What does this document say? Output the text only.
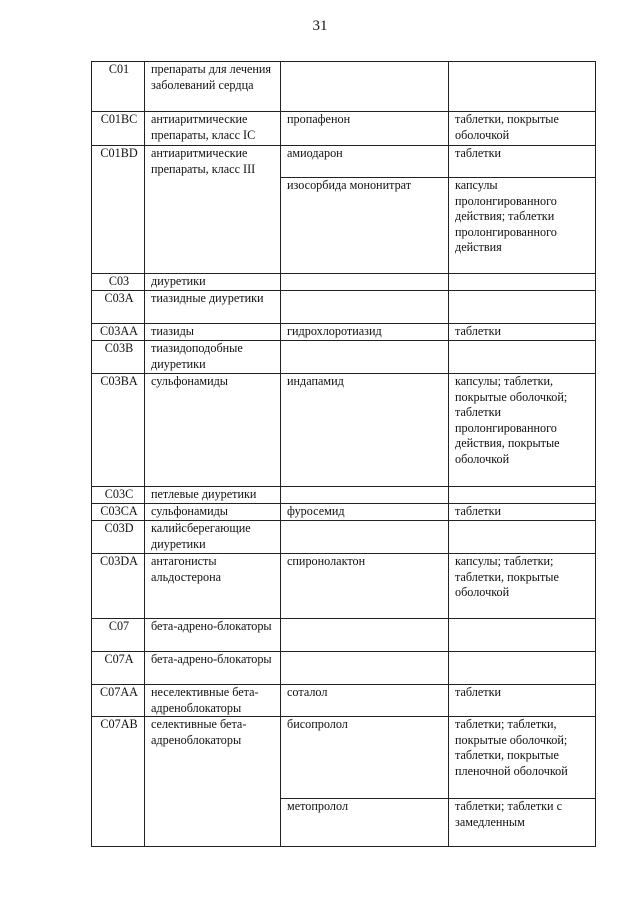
31
C01	препараты для лечения заболеваний сердца		
C01BC	антиаритмические препараты, класс IC	пропафенон	таблетки, покрытые оболочкой
C01BD	антиаритмические препараты, класс III	амиодарон	таблетки
		изосорбида мононитрат	капсулы пролонгированного действия; таблетки пролонгированного действия
C03	диуретики		
C03A	тиазидные диуретики		
C03AA	тиазиды	гидрохлоротиазид	таблетки
C03B	тиазидоподобные диуретики		
C03BA	сульфонамиды	индапамид	капсулы; таблетки, покрытые оболочкой; таблетки пролонгированного действия, покрытые оболочкой
C03C	петлевые диуретики		
C03CA	сульфонамиды	фуросемид	таблетки
C03D	калийсберегающие диуретики		
C03DA	антагонисты альдостерона	спиронолактон	капсулы; таблетки; таблетки, покрытые оболочкой
C07	бета-адрено-блокаторы		
C07A	бета-адрено-блокаторы		
C07AA	неселективные бета-адреноблокаторы	соталол	таблетки
C07AB	селективные бета-адреноблокаторы	бисопролол	таблетки; таблетки, покрытые оболочкой; таблетки, покрытые пленочной оболочкой
		метопролол	таблетки; таблетки с замедленным
